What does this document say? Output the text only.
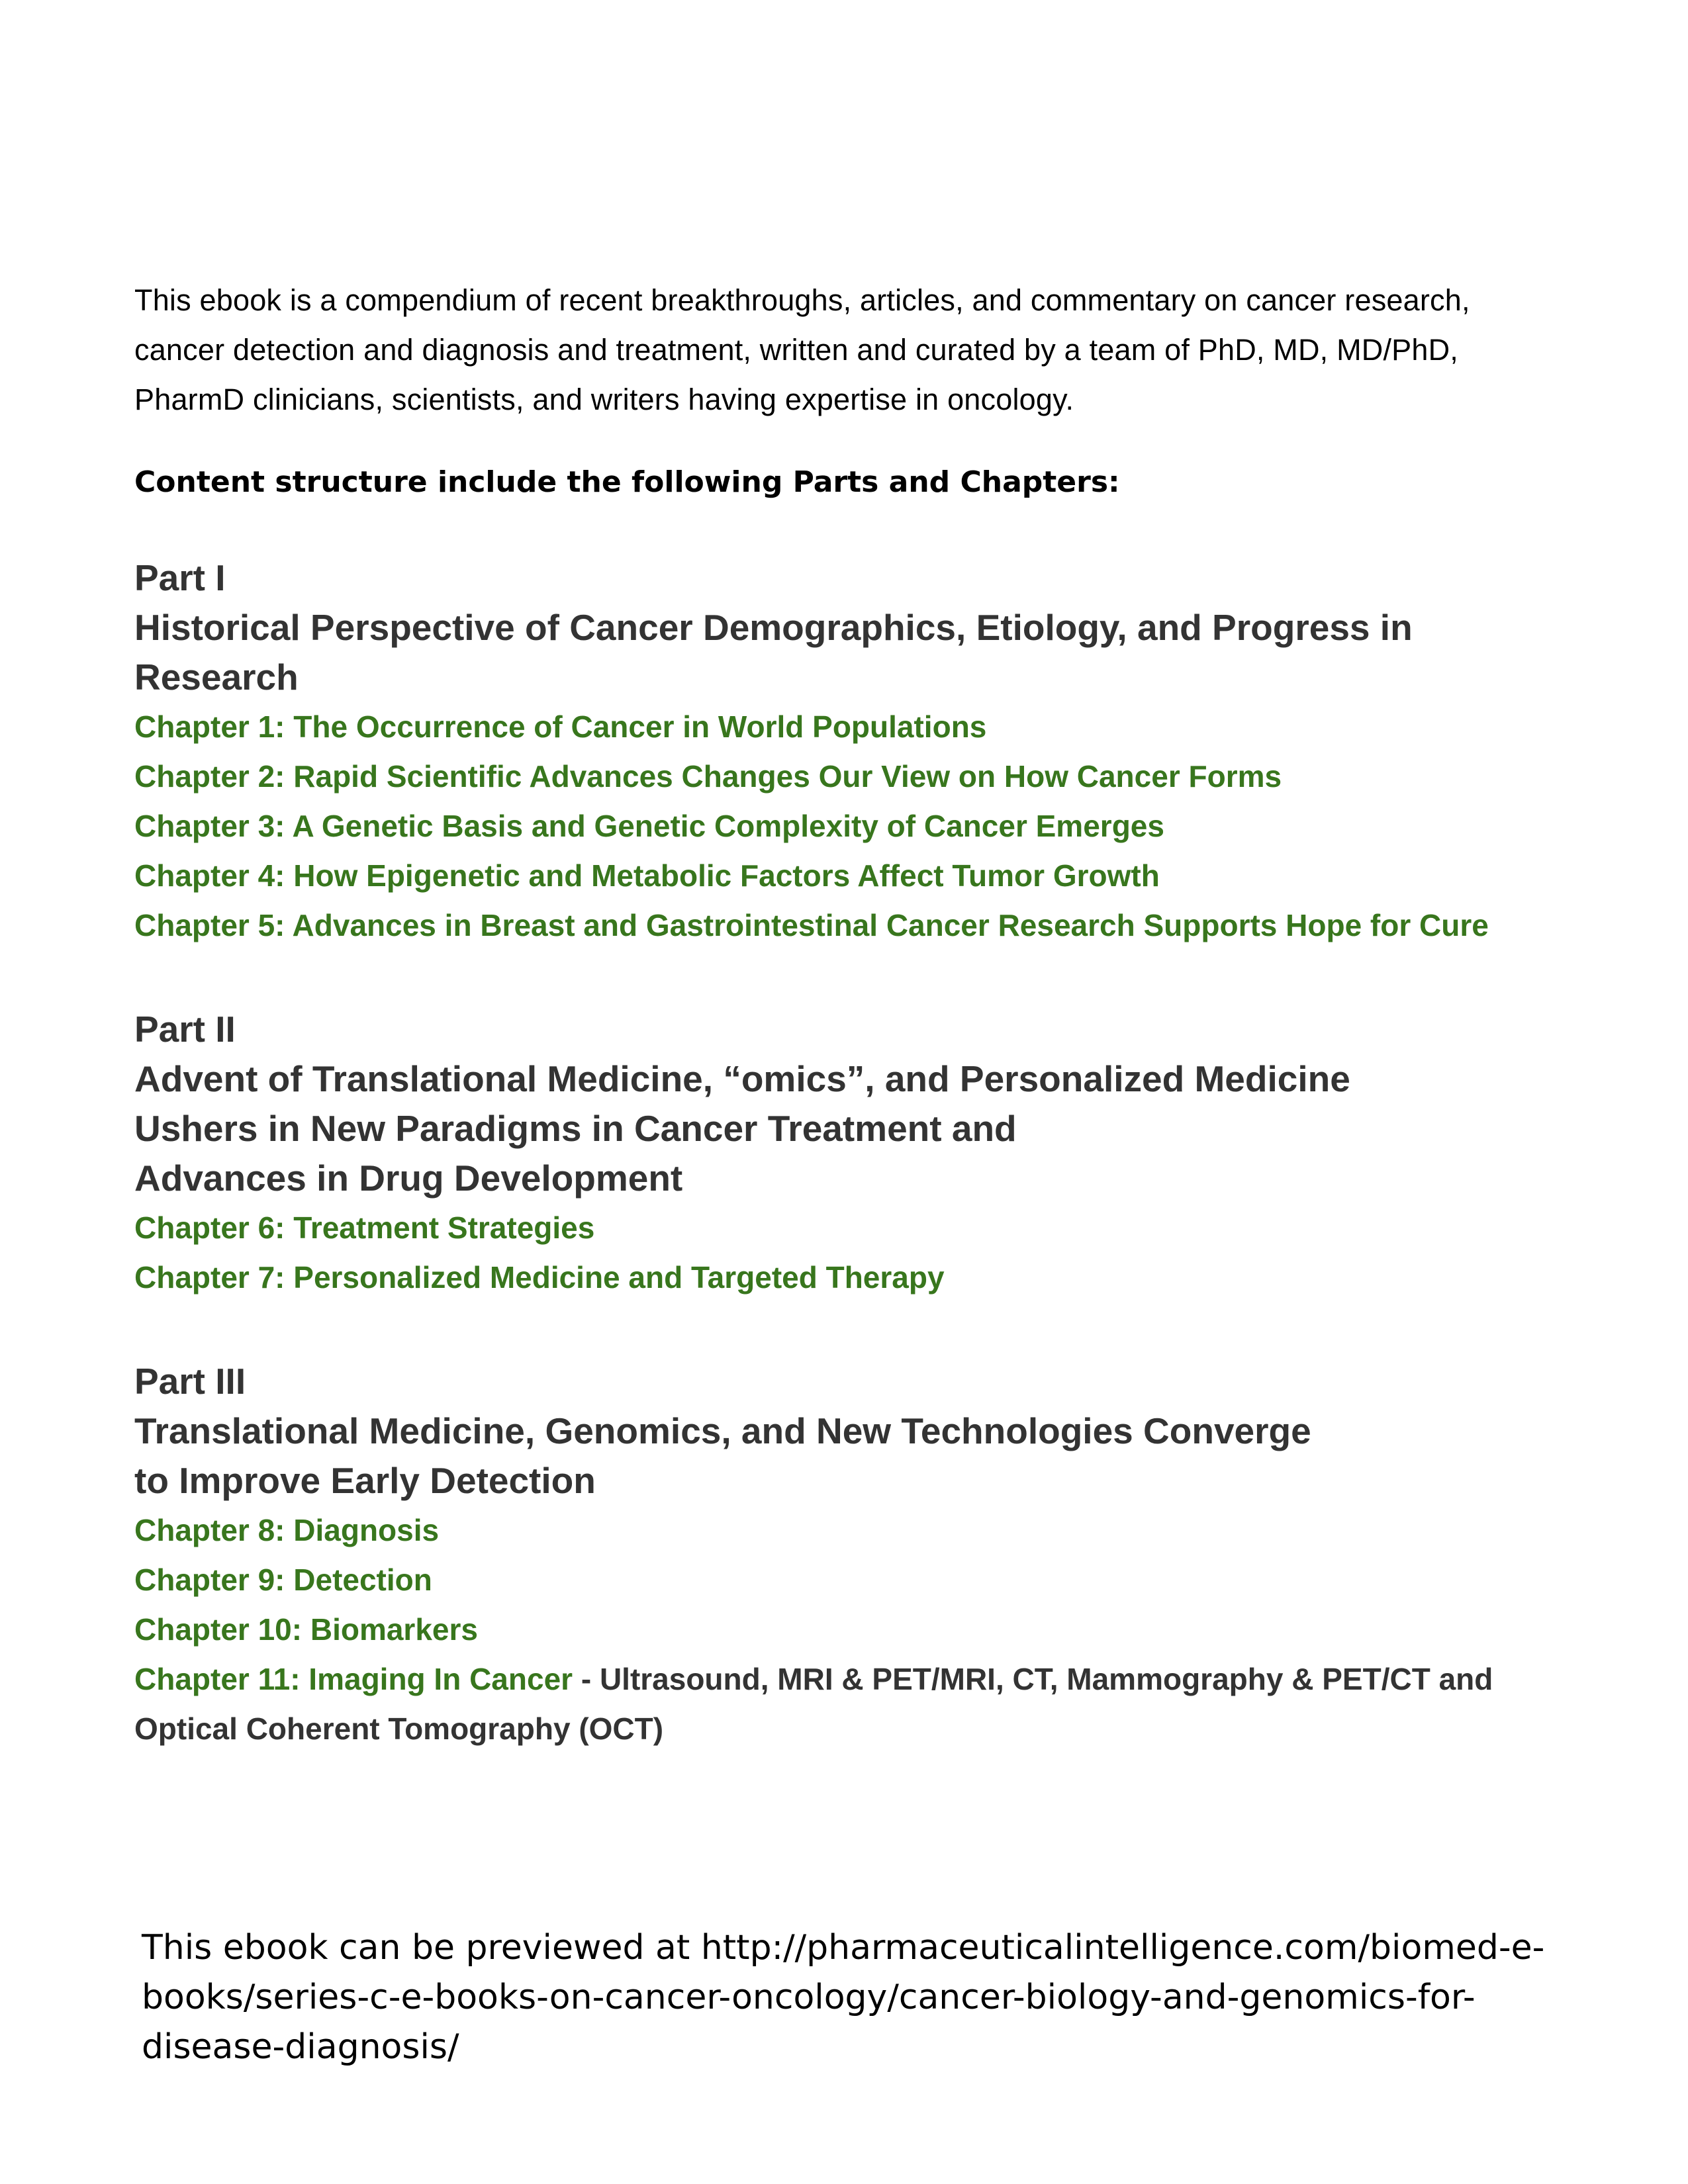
This ebook is a compendium of recent breakthroughs, articles, and commentary on cancer research, cancer detection and diagnosis and treatment, written and curated by a team of PhD, MD, MD/PhD, PharmD clinicians, scientists, and writers having expertise in oncology.

Content structure include the following Parts and Chapters:

Part I

Historical Perspective of Cancer Demographics, Etiology, and Progress in Research

Chapter 1: The Occurrence of Cancer in World Populations
Chapter 2: Rapid Scientific Advances Changes Our View on How Cancer Forms
Chapter 3: A Genetic Basis and Genetic Complexity of Cancer Emerges
Chapter 4: How Epigenetic and Metabolic Factors Affect Tumor Growth
Chapter 5: Advances in Breast and Gastrointestinal Cancer Research Supports Hope for Cure

Part II

Advent of Translational Medicine, “omics”, and Personalized Medicine

Ushers in New Paradigms in Cancer Treatment and

Advances in Drug Development

Chapter 6: Treatment Strategies
Chapter 7: Personalized Medicine and Targeted Therapy

Part III

Translational Medicine, Genomics, and New Technologies Converge

to Improve Early Detection

Chapter 8: Diagnosis
Chapter 9: Detection
Chapter 10: Biomarkers
Chapter 11: Imaging In Cancer - Ultrasound, MRI & PET/MRI, CT, Mammography & PET/CT and Optical Coherent Tomography (OCT)

This ebook can be previewed at http://pharmaceuticalintelligence.com/biomed-e-books/series-c-e-books-on-cancer-oncology/cancer-biology-and-genomics-for-disease-diagnosis/
